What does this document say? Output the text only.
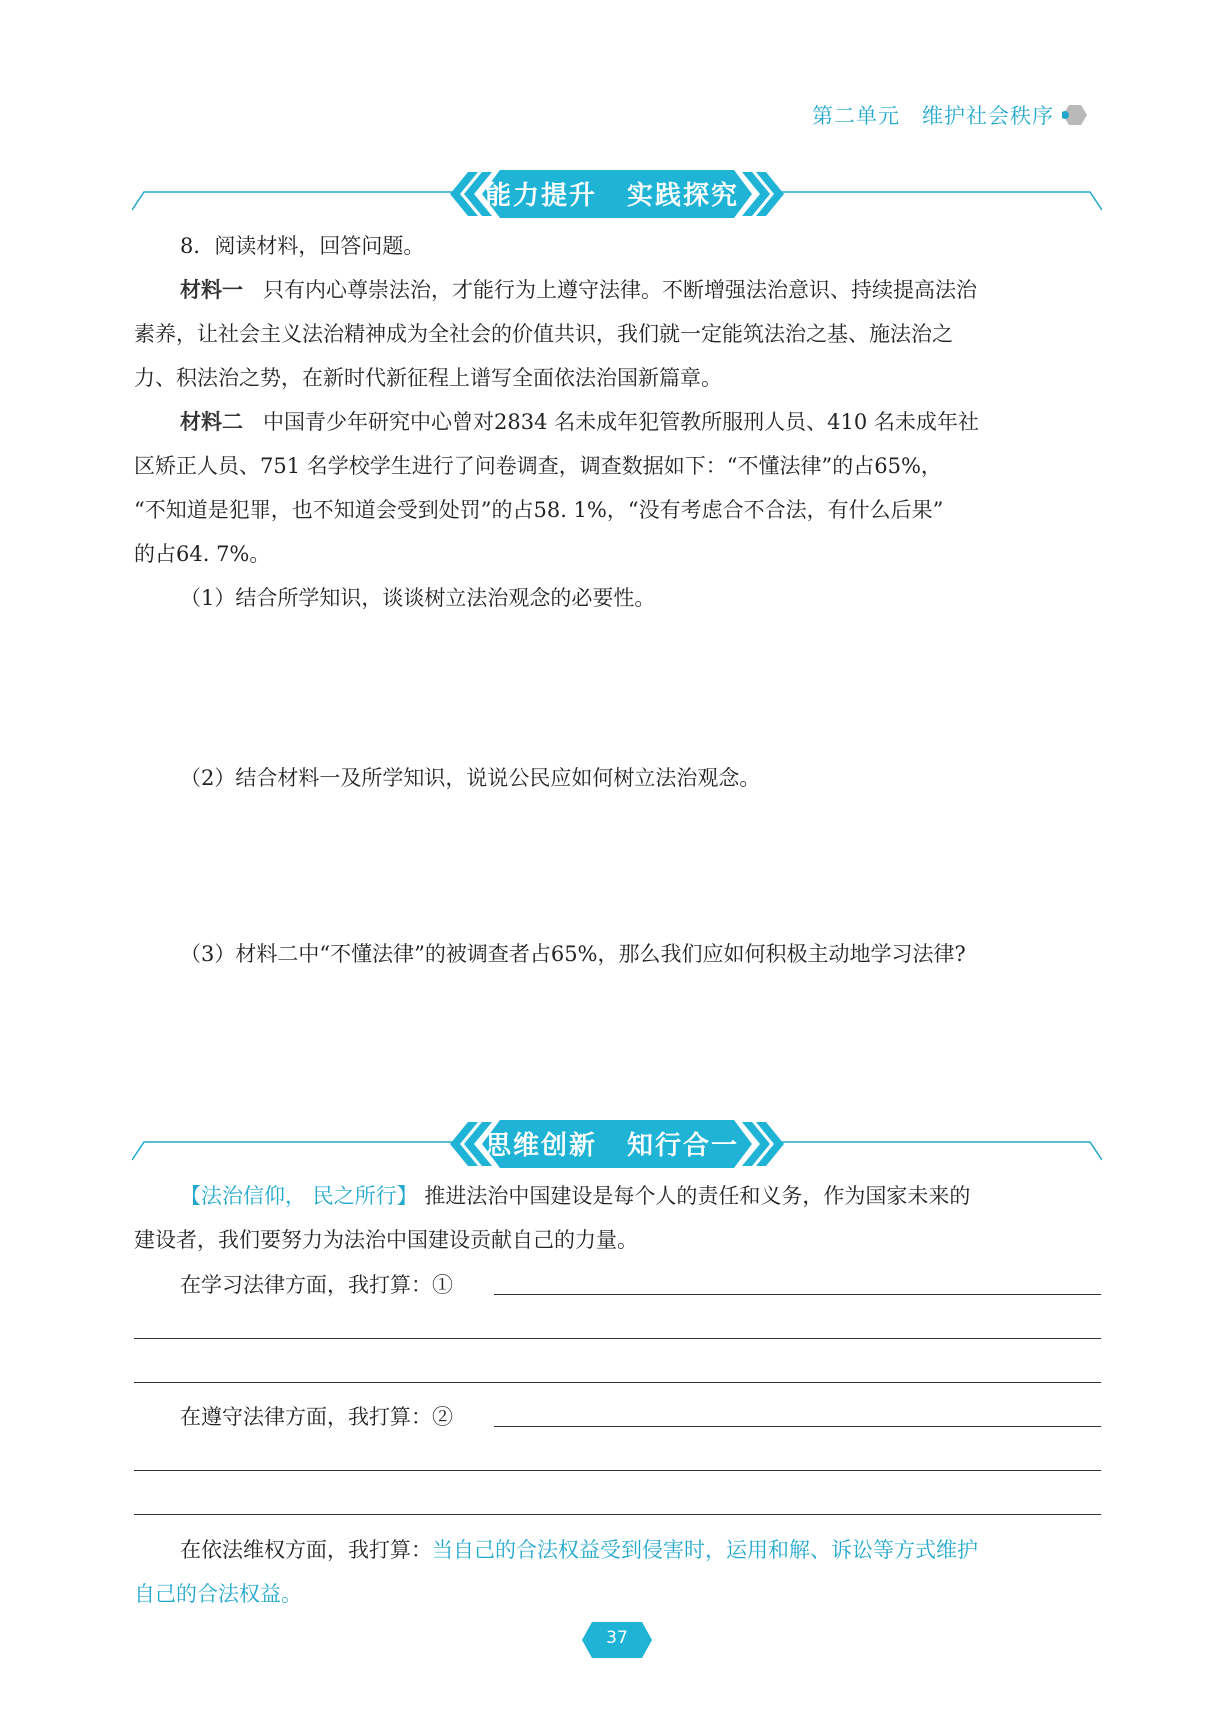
第二单元 维护社会秩序
能力提升 实践探究
8．阅读材料，回答问题。
材料一 只有内心尊崇法治，才能行为上遵守法律。不断增强法治意识、持续提高法治
素养，让社会主义法治精神成为全社会的价值共识，我们就一定能筑法治之基、施法治之
力、积法治之势，在新时代新征程上谱写全面依法治国新篇章。
材料二 中国青少年研究中心曾对2834 名未成年犯管教所服刑人员、410 名未成年社
区矫正人员、751 名学校学生进行了问卷调查，调查数据如下：“不懂法律”的占65%，
“不知道是犯罪，也不知道会受到处罚”的占58. 1%，“没有考虑合不合法，有什么后果”
的占64. 7%。
（1）结合所学知识，谈谈树立法治观念的必要性。
（2）结合材料一及所学知识，说说公民应如何树立法治观念。
（3）材料二中“不懂法律”的被调查者占65%，那么我们应如何积极主动地学习法律?
思维创新 知行合一
【法治信仰， 民之所行】 推进法治中国建设是每个人的责任和义务，作为国家未来的
建设者，我们要努力为法治中国建设贡献自己的力量。
在学习法律方面，我打算：①
在遵守法律方面，我打算：②
在依法维权方面，我打算：当自己的合法权益受到侵害时，运用和解、诉讼等方式维护
自己的合法权益。
37
